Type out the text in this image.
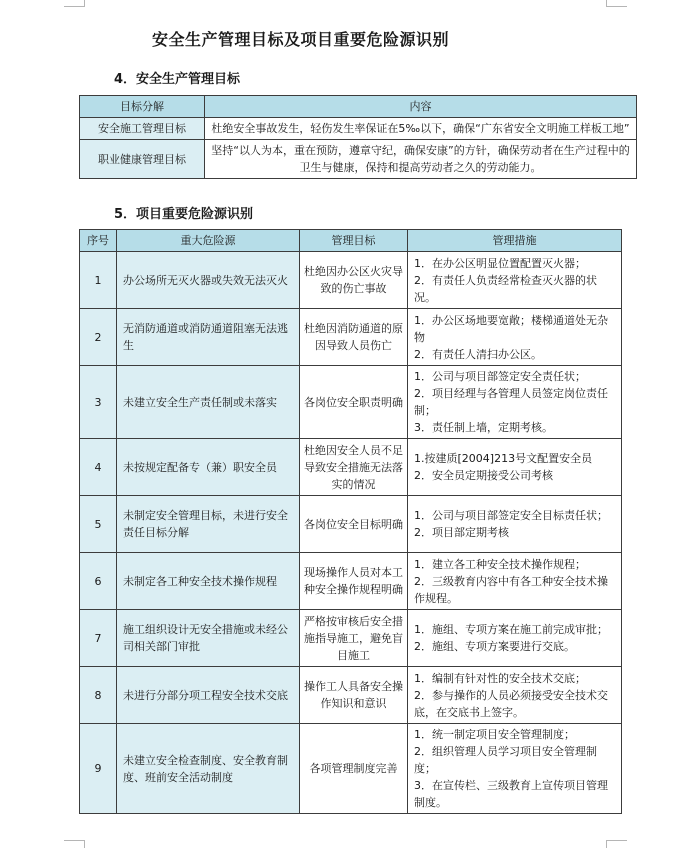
安全生产管理目标及项目重要危险源识别
4．安全生产管理目标
目标分解	内容
安全施工管理目标	杜绝安全事故发生，轻伤发生率保证在5‰以下，确保“广东省安全文明施工样板工地”
职业健康管理目标	坚持“以人为本，重在预防，遵章守纪，确保安康”的方针，确保劳动者在生产过程中的卫生与健康，保持和提高劳动者之久的劳动能力。
5．项目重要危险源识别
序号	重大危险源	管理目标	管理措施
1	办公场所无灭火器或失效无法灭火	杜绝因办公区火灾导致的伤亡事故	1．在办公区明显位置配置灭火器；
2．有责任人负责经常检查灭火器的状况。

2	无消防通道或消防通道阻塞无法逃生	杜绝因消防通道的原因导致人员伤亡	1．办公区场地要宽敞；楼梯通道处无杂物
2．有责任人清扫办公区。

3	未建立安全生产责任制或未落实	各岗位安全职责明确	1．公司与项目部签定安全责任状；
2．项目经理与各管理人员签定岗位责任制；
3．责任制上墙，定期考核。

4	未按规定配备专（兼）职安全员	杜绝因安全人员不足导致安全措施无法落实的情况	1.按建质[2004]213号文配置安全员
2．安全员定期接受公司考核

5	未制定安全管理目标，未进行安全责任目标分解	各岗位安全目标明确	1．公司与项目部签定安全目标责任状；
2．项目部定期考核

6	未制定各工种安全技术操作规程	现场操作人员对本工种安全操作规程明确	1．建立各工种安全技术操作规程；
2．三级教育内容中有各工种安全技术操作规程。

7	施工组织设计无安全措施或未经公司相关部门审批	严格按审核后安全措施指导施工，避免盲目施工	1．施组、专项方案在施工前完成审批；
2．施组、专项方案要进行交底。

8	未进行分部分项工程安全技术交底	操作工人具备安全操作知识和意识	1．编制有针对性的安全技术交底；
2．参与操作的人员必须接受安全技术交底，在交底书上签字。

9	未建立安全检查制度、安全教育制度、班前安全活动制度	各项管理制度完善	1．统一制定项目安全管理制度；
2．组织管理人员学习项目安全管理制度；
3．在宣传栏、三级教育上宣传项目管理制度。
